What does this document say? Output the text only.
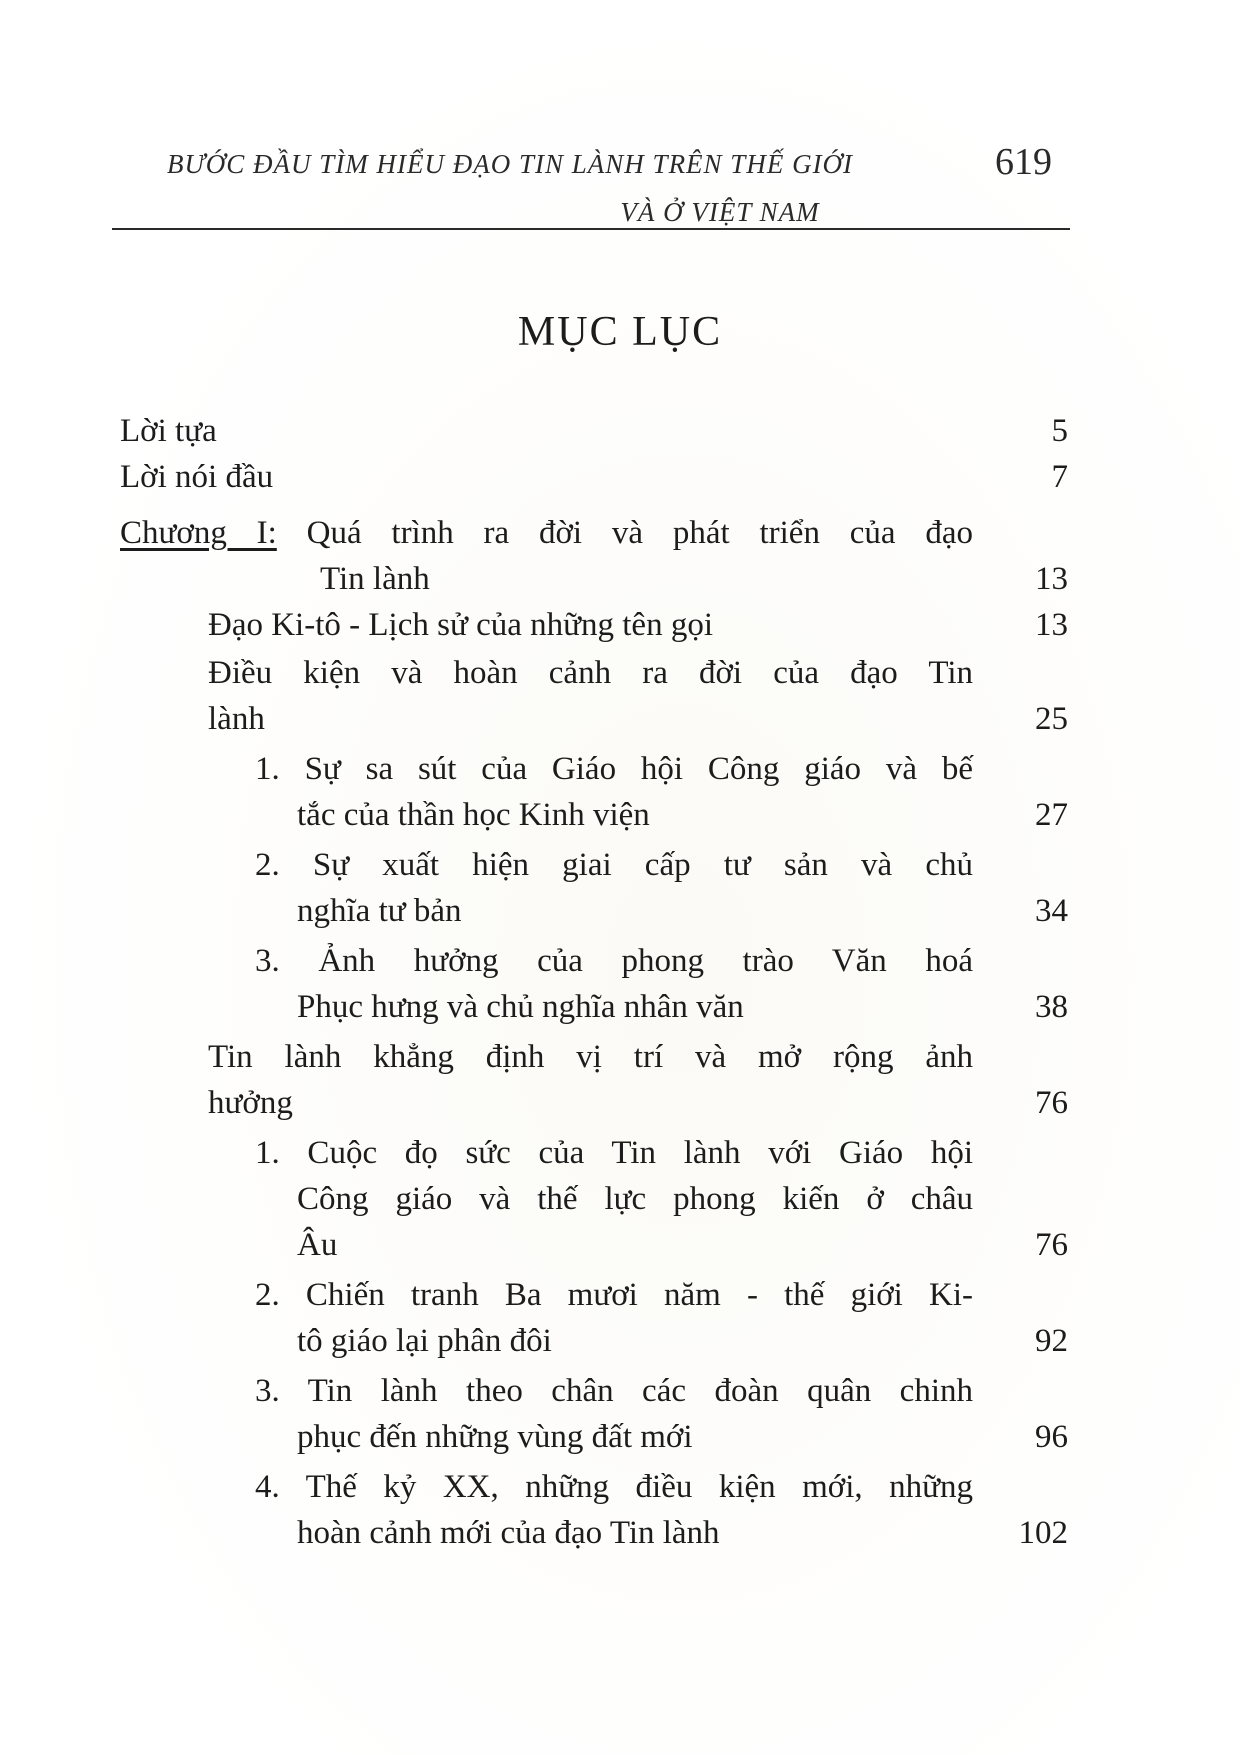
BƯỚC ĐẦU TÌM HIỂU ĐẠO TIN LÀNH TRÊN THẾ GIỚI
VÀ Ở VIỆT NAM
619
MỤC LỤC
Lời tựa	5
Lời nói đầu	7
Chương I: Quá trình ra đời và phát triển của đạo
Tin lành	13
Đạo Ki-tô - Lịch sử của những tên gọi	13
Điều kiện và hoàn cảnh ra đời của đạo Tin
lành	25
1. Sự sa sút của Giáo hội Công giáo và bế
tắc của thần học Kinh viện	27
2. Sự xuất hiện giai cấp tư sản và chủ
nghĩa tư bản	34
3. Ảnh hưởng của phong trào Văn hoá
Phục hưng và chủ nghĩa nhân văn	38
Tin lành khẳng định vị trí và mở rộng ảnh
hưởng	76
1. Cuộc đọ sức của Tin lành với Giáo hội
Công giáo và thế lực phong kiến ở châu
Âu	76
2. Chiến tranh Ba mươi năm - thế giới Ki-
tô giáo lại phân đôi	92
3. Tin lành theo chân các đoàn quân chinh
phục đến những vùng đất mới	96
4. Thế kỷ XX, những điều kiện mới, những
hoàn cảnh mới của đạo Tin lành	102
